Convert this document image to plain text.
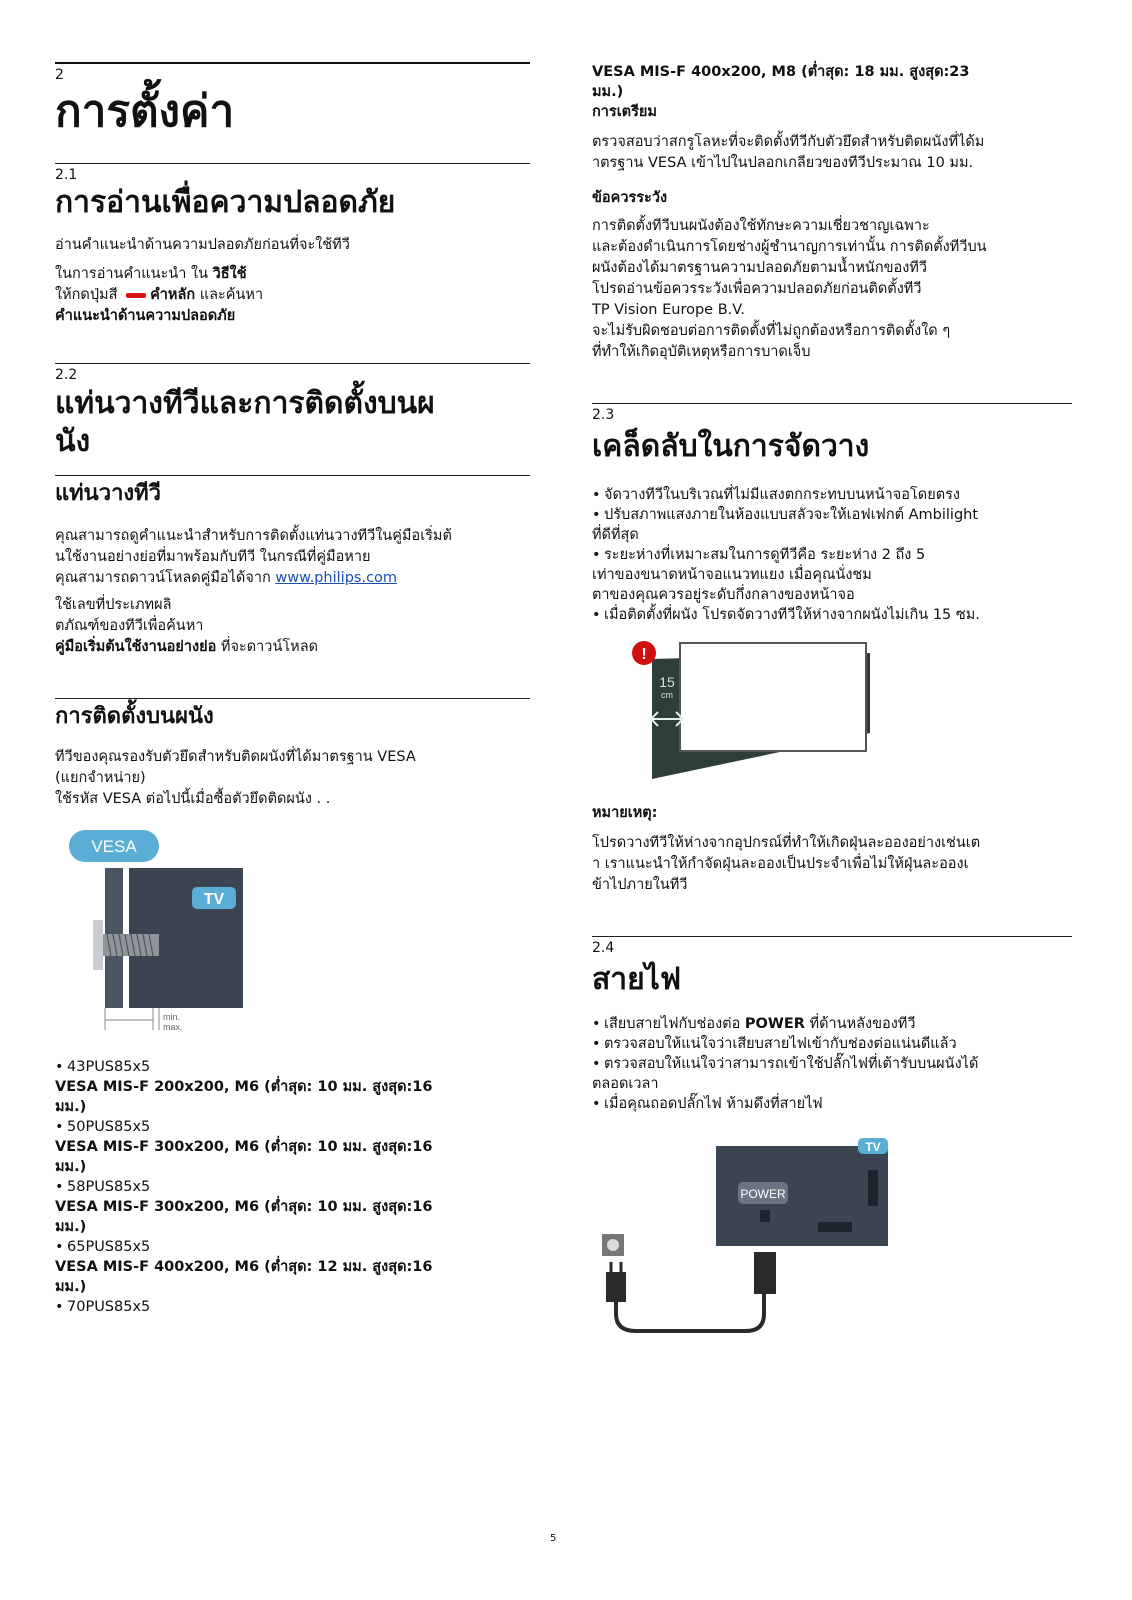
2
การตั้งค่า
2.1
การอ่านเพื่อความปลอดภัย

อ่านคำแนะนำด้านความปลอดภัยก่อนที่จะใช้ทีวี

ในการอ่านคำแนะนำ ใน วิธีใช้

ให้กดปุ่มสี คำหลัก และค้นหา

คำแนะนำด้านความปลอดภัย

2.2
แท่นวางทีวีและการติดตั้งบนผ
นัง
แท่นวางทีวี

คุณสามารถดูคำแนะนำสำหรับการติดตั้งแท่นวางทีวีในคู่มือเริ่มต้

นใช้งานอย่างย่อที่มาพร้อมกับทีวี ในกรณีที่คู่มือหาย

คุณสามารถดาวน์โหลดคู่มือได้จาก www.philips.com

ใช้เลขที่ประเภทผลิ

ตภัณฑ์ของทีวีเพื่อค้นหา

คู่มือเริ่มต้นใช้งานอย่างย่อ ที่จะดาวน์โหลด

การติดตั้งบนผนัง

ทีวีของคุณรองรับตัวยึดสำหรับติดผนังที่ได้มาตรฐาน VESA

(แยกจำหน่าย)

ใช้รหัส VESA ต่อไปนี้เมื่อซื้อตัวยึดติดผนัง . .

VESA
TV
min.
max.

• 43PUS85x5

VESA MIS-F 200x200, M6 (ต่ำสุด: 10 มม. สูงสุด:16

มม.)

• 50PUS85x5

VESA MIS-F 300x200, M6 (ต่ำสุด: 10 มม. สูงสุด:16

มม.)

• 58PUS85x5

VESA MIS-F 300x200, M6 (ต่ำสุด: 10 มม. สูงสุด:16

มม.)

• 65PUS85x5

VESA MIS-F 400x200, M6 (ต่ำสุด: 12 มม. สูงสุด:16

มม.)

• 70PUS85x5

VESA MIS-F 400x200, M8 (ต่ำสุด: 18 มม. สูงสุด:23

มม.)

การเตรียม

ตรวจสอบว่าสกรูโลหะที่จะติดตั้งทีวีกับตัวยึดสำหรับติดผนังที่ได้ม

าตรฐาน VESA เข้าไปในปลอกเกลียวของทีวีประมาณ 10 มม.

ข้อควรระวัง

การติดตั้งทีวีบนผนังต้องใช้ทักษะความเชี่ยวชาญเฉพาะ

และต้องดำเนินการโดยช่างผู้ชำนาญการเท่านั้น การติดตั้งทีวีบน

ผนังต้องได้มาตรฐานความปลอดภัยตามน้ำหนักของทีวี

โปรดอ่านข้อควรระวังเพื่อความปลอดภัยก่อนติดตั้งทีวี

TP Vision Europe B.V.

จะไม่รับผิดชอบต่อการติดตั้งที่ไม่ถูกต้องหรือการติดตั้งใด ๆ

ที่ทำให้เกิดอุบัติเหตุหรือการบาดเจ็บ

2.3
เคล็ดลับในการจัดวาง

• จัดวางทีวีในบริเวณที่ไม่มีแสงตกกระทบบนหน้าจอโดยตรง

• ปรับสภาพแสงภายในห้องแบบสลัวจะให้เอฟเฟกต์ Ambilight

ที่ดีที่สุด

• ระยะห่างที่เหมาะสมในการดูทีวีคือ ระยะห่าง 2 ถึง 5

เท่าของขนาดหน้าจอแนวทแยง เมื่อคุณนั่งชม

ตาของคุณควรอยู่ระดับกึ่งกลางของหน้าจอ

• เมื่อติดตั้งที่ผนัง โปรดจัดวางทีวีให้ห่างจากผนังไม่เกิน 15 ซม.

!
15
cm

หมายเหตุ:

โปรดวางทีวีให้ห่างจากอุปกรณ์ที่ทำให้เกิดฝุ่นละอองอย่างเช่นเต

า เราแนะนำให้กำจัดฝุ่นละอองเป็นประจำเพื่อไม่ให้ฝุ่นละอองเ

ข้าไปภายในทีวี

2.4
สายไฟ

• เสียบสายไฟกับช่องต่อ POWER ที่ด้านหลังของทีวี

• ตรวจสอบให้แน่ใจว่าเสียบสายไฟเข้ากับช่องต่อแน่นดีแล้ว

• ตรวจสอบให้แน่ใจว่าสามารถเข้าใช้ปลั๊กไฟที่เต้ารับบนผนังได้

ตลอดเวลา

• เมื่อคุณถอดปลั๊กไฟ ห้ามดึงที่สายไฟ

TV
POWER
5
